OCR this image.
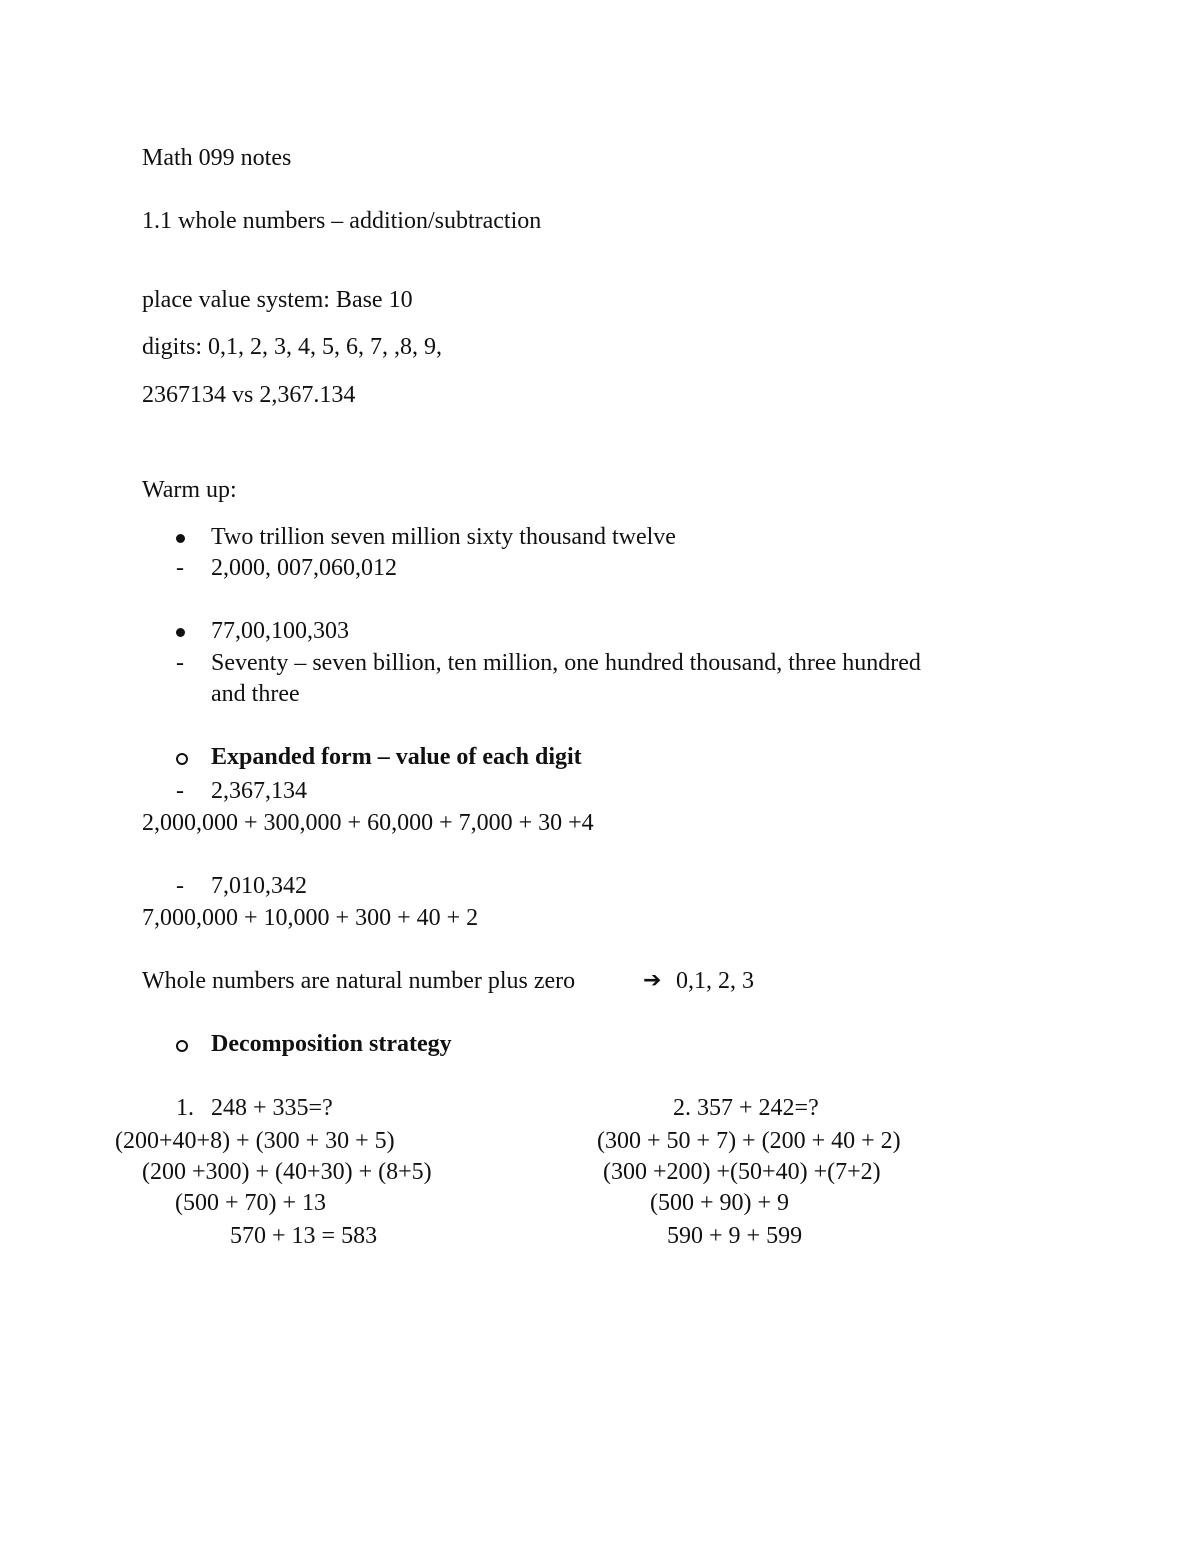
Math 099 notes
1.1 whole numbers – addition/subtraction
place value system: Base 10
digits: 0,1, 2, 3, 4, 5, 6, 7, ,8, 9,
2367134 vs 2,367.134
Warm up:
Two trillion seven million sixty thousand twelve
- 2,000, 007,060,012
77,00,100,303
- Seventy – seven billion, ten million, one hundred thousand, three hundred
and three
Expanded form – value of each digit
- 2,367,134
2,000,000 + 300,000 + 60,000 + 7,000 + 30 +4
- 7,010,342
7,000,000 + 10,000 + 300 + 40 + 2
Whole numbers are natural number plus zero	➔ 0,1, 2, 3
Decomposition strategy
1. 248 + 335=?
(200+40+8) + (300 + 30 + 5)
(200 +300) + (40+30) + (8+5)
(500 + 70) + 13
570 + 13 = 583
2. 357 + 242=?
(300 + 50 + 7) + (200 + 40 + 2)
(300 +200) +(50+40) +(7+2)
(500 + 90) + 9
590 + 9 + 599
